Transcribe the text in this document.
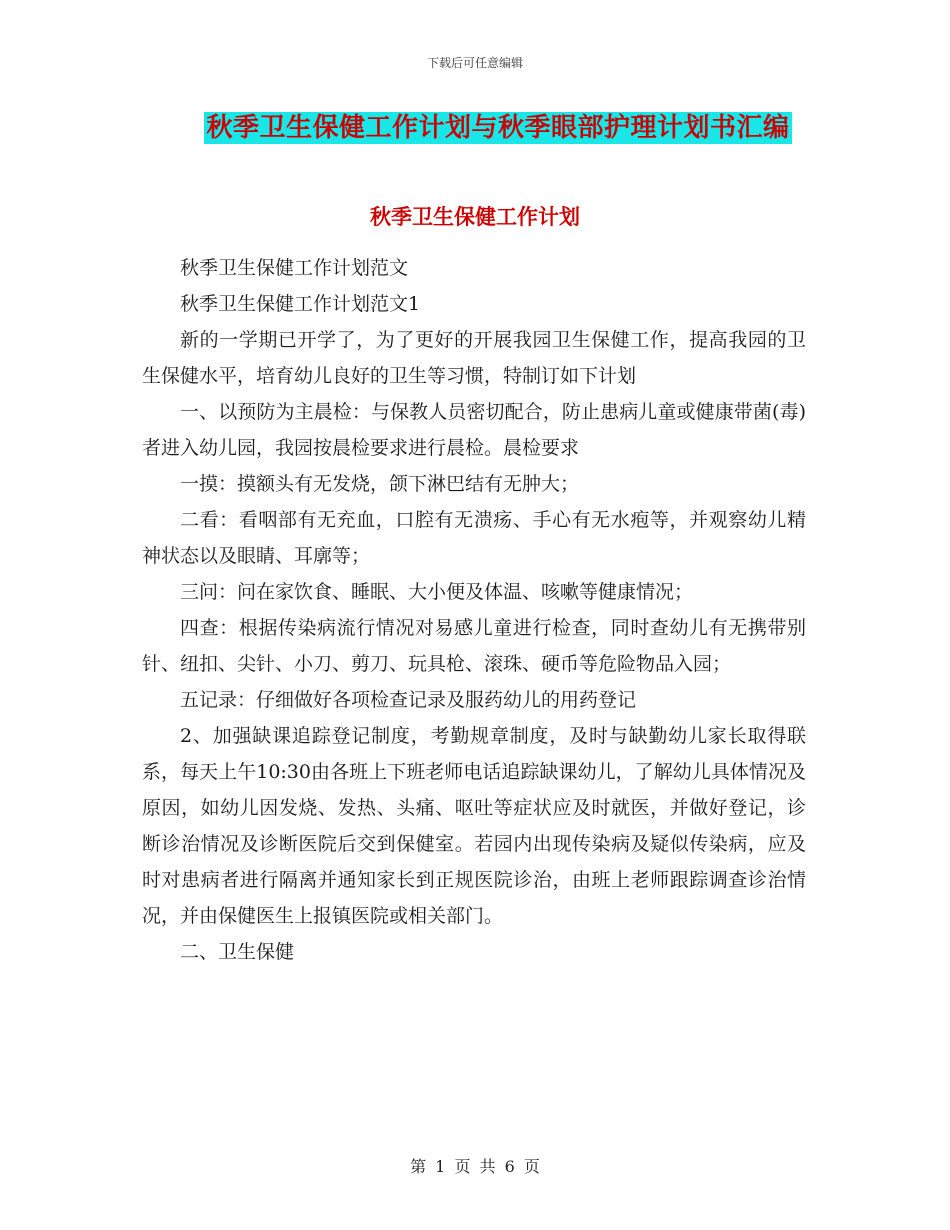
下载后可任意编辑
秋季卫生保健工作计划与秋季眼部护理计划书汇编
秋季卫生保健工作计划

秋季卫生保健工作计划范文

秋季卫生保健工作计划范文1

新的一学期已开学了，为了更好的开展我园卫生保健工作，提高我园的卫生保健水平，培育幼儿良好的卫生等习惯，特制订如下计划

一、以预防为主晨检：与保教人员密切配合，防止患病儿童或健康带菌(毒)者进入幼儿园，我园按晨检要求进行晨检。晨检要求

一摸：摸额头有无发烧，颌下淋巴结有无肿大；

二看：看咽部有无充血，口腔有无溃疡、手心有无水疱等，并观察幼儿精神状态以及眼睛、耳廓等；

三问：问在家饮食、睡眠、大小便及体温、咳嗽等健康情况；

四查：根据传染病流行情况对易感儿童进行检查，同时查幼儿有无携带别针、纽扣、尖针、小刀、剪刀、玩具枪、滚珠、硬币等危险物品入园；

五记录：仔细做好各项检查记录及服药幼儿的用药登记

2、加强缺课追踪登记制度，考勤规章制度，及时与缺勤幼儿家长取得联系，每天上午10:30由各班上下班老师电话追踪缺课幼儿，了解幼儿具体情况及原因，如幼儿因发烧、发热、头痛、呕吐等症状应及时就医，并做好登记，诊断诊治情况及诊断医院后交到保健室。若园内出现传染病及疑似传染病，应及时对患病者进行隔离并通知家长到正规医院诊治，由班上老师跟踪调查诊治情况，并由保健医生上报镇医院或相关部门。

二、卫生保健

第 1 页 共 6 页
